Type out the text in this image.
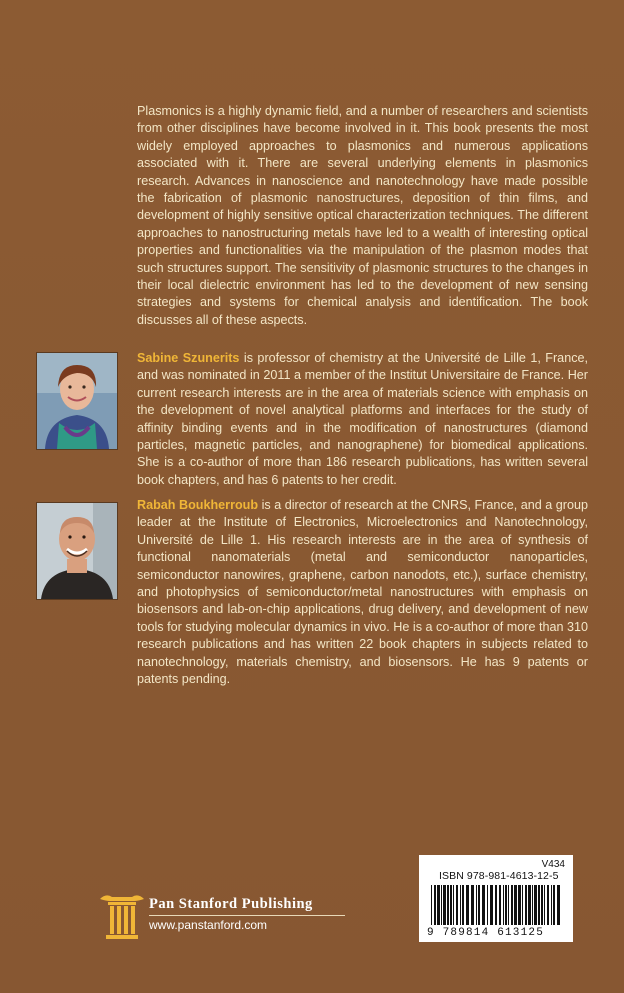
Plasmonics is a highly dynamic field, and a number of researchers and scientists from other disciplines have become involved in it. This book presents the most widely employed approaches to plasmonics and numerous applications associated with it. There are several underlying elements in plasmonics research. Advances in nanoscience and nanotechnology have made possible the fabrication of plasmonic nanostructures, deposition of thin films, and development of highly sensitive optical characterization techniques. The different approaches to nanostructuring metals have led to a wealth of interesting optical properties and functionalities via the manipulation of the plasmon modes that such structures support. The sensitivity of plasmonic structures to the changes in their local dielectric environment has led to the development of new sensing strategies and systems for chemical analysis and identification. The book discusses all of these aspects.

Sabine Szunerits is professor of chemistry at the Université de Lille 1, France, and was nominated in 2011 a member of the Institut Universitaire de France. Her current research interests are in the area of materials science with emphasis on the development of novel analytical platforms and interfaces for the study of affinity binding events and in the modification of nanostructures (diamond particles, magnetic particles, and nanographene) for biomedical applications. She is a co-author of more than 186 research publications, has written several book chapters, and has 6 patents to her credit.

Rabah Boukherroub is a director of research at the CNRS, France, and a group leader at the Institute of Electronics, Microelectronics and Nanotechnology, Université de Lille 1. His research interests are in the area of synthesis of functional nanomaterials (metal and semiconductor nanoparticles, semiconductor nanowires, graphene, carbon nanodots, etc.), surface chemistry, and photophysics of semiconductor/metal nanostructures with emphasis on biosensors and lab-on-chip applications, drug delivery, and development of new tools for studying molecular dynamics in vivo. He is a co-author of more than 310 research publications and has written 22 book chapters in subjects related to nanotechnology, materials chemistry, and biosensors. He has 9 patents or patents pending.

V434
ISBN 978-981-4613-12-5
9 789814 613125
Pan Stanford Publishing
www.panstanford.com
